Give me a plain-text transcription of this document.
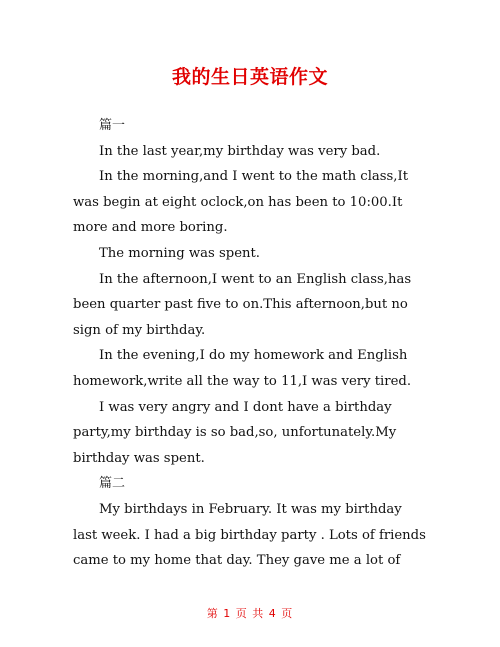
我的生日英语作文

篇一

In the last year,my birthday was very bad.

In the morning,and I went to the math class,It was begin at eight oclock,on has been to 10:00.It more and more boring.

The morning was spent.

In the afternoon,I went to an English class,has been quarter past five to on.This afternoon,but no sign of my birthday.

In the evening,I do my homework and English homework,write all the way to 11,I was very tired.

I was very angry and I dont have a birthday party,my birthday is so bad,so, unfortunately.My birthday was spent.

篇二

My birthdays in February. It was my birthday last week. I had a big birthday party . Lots of friends came to my home that day. They gave me a lot of

第 1 页 共 4 页
